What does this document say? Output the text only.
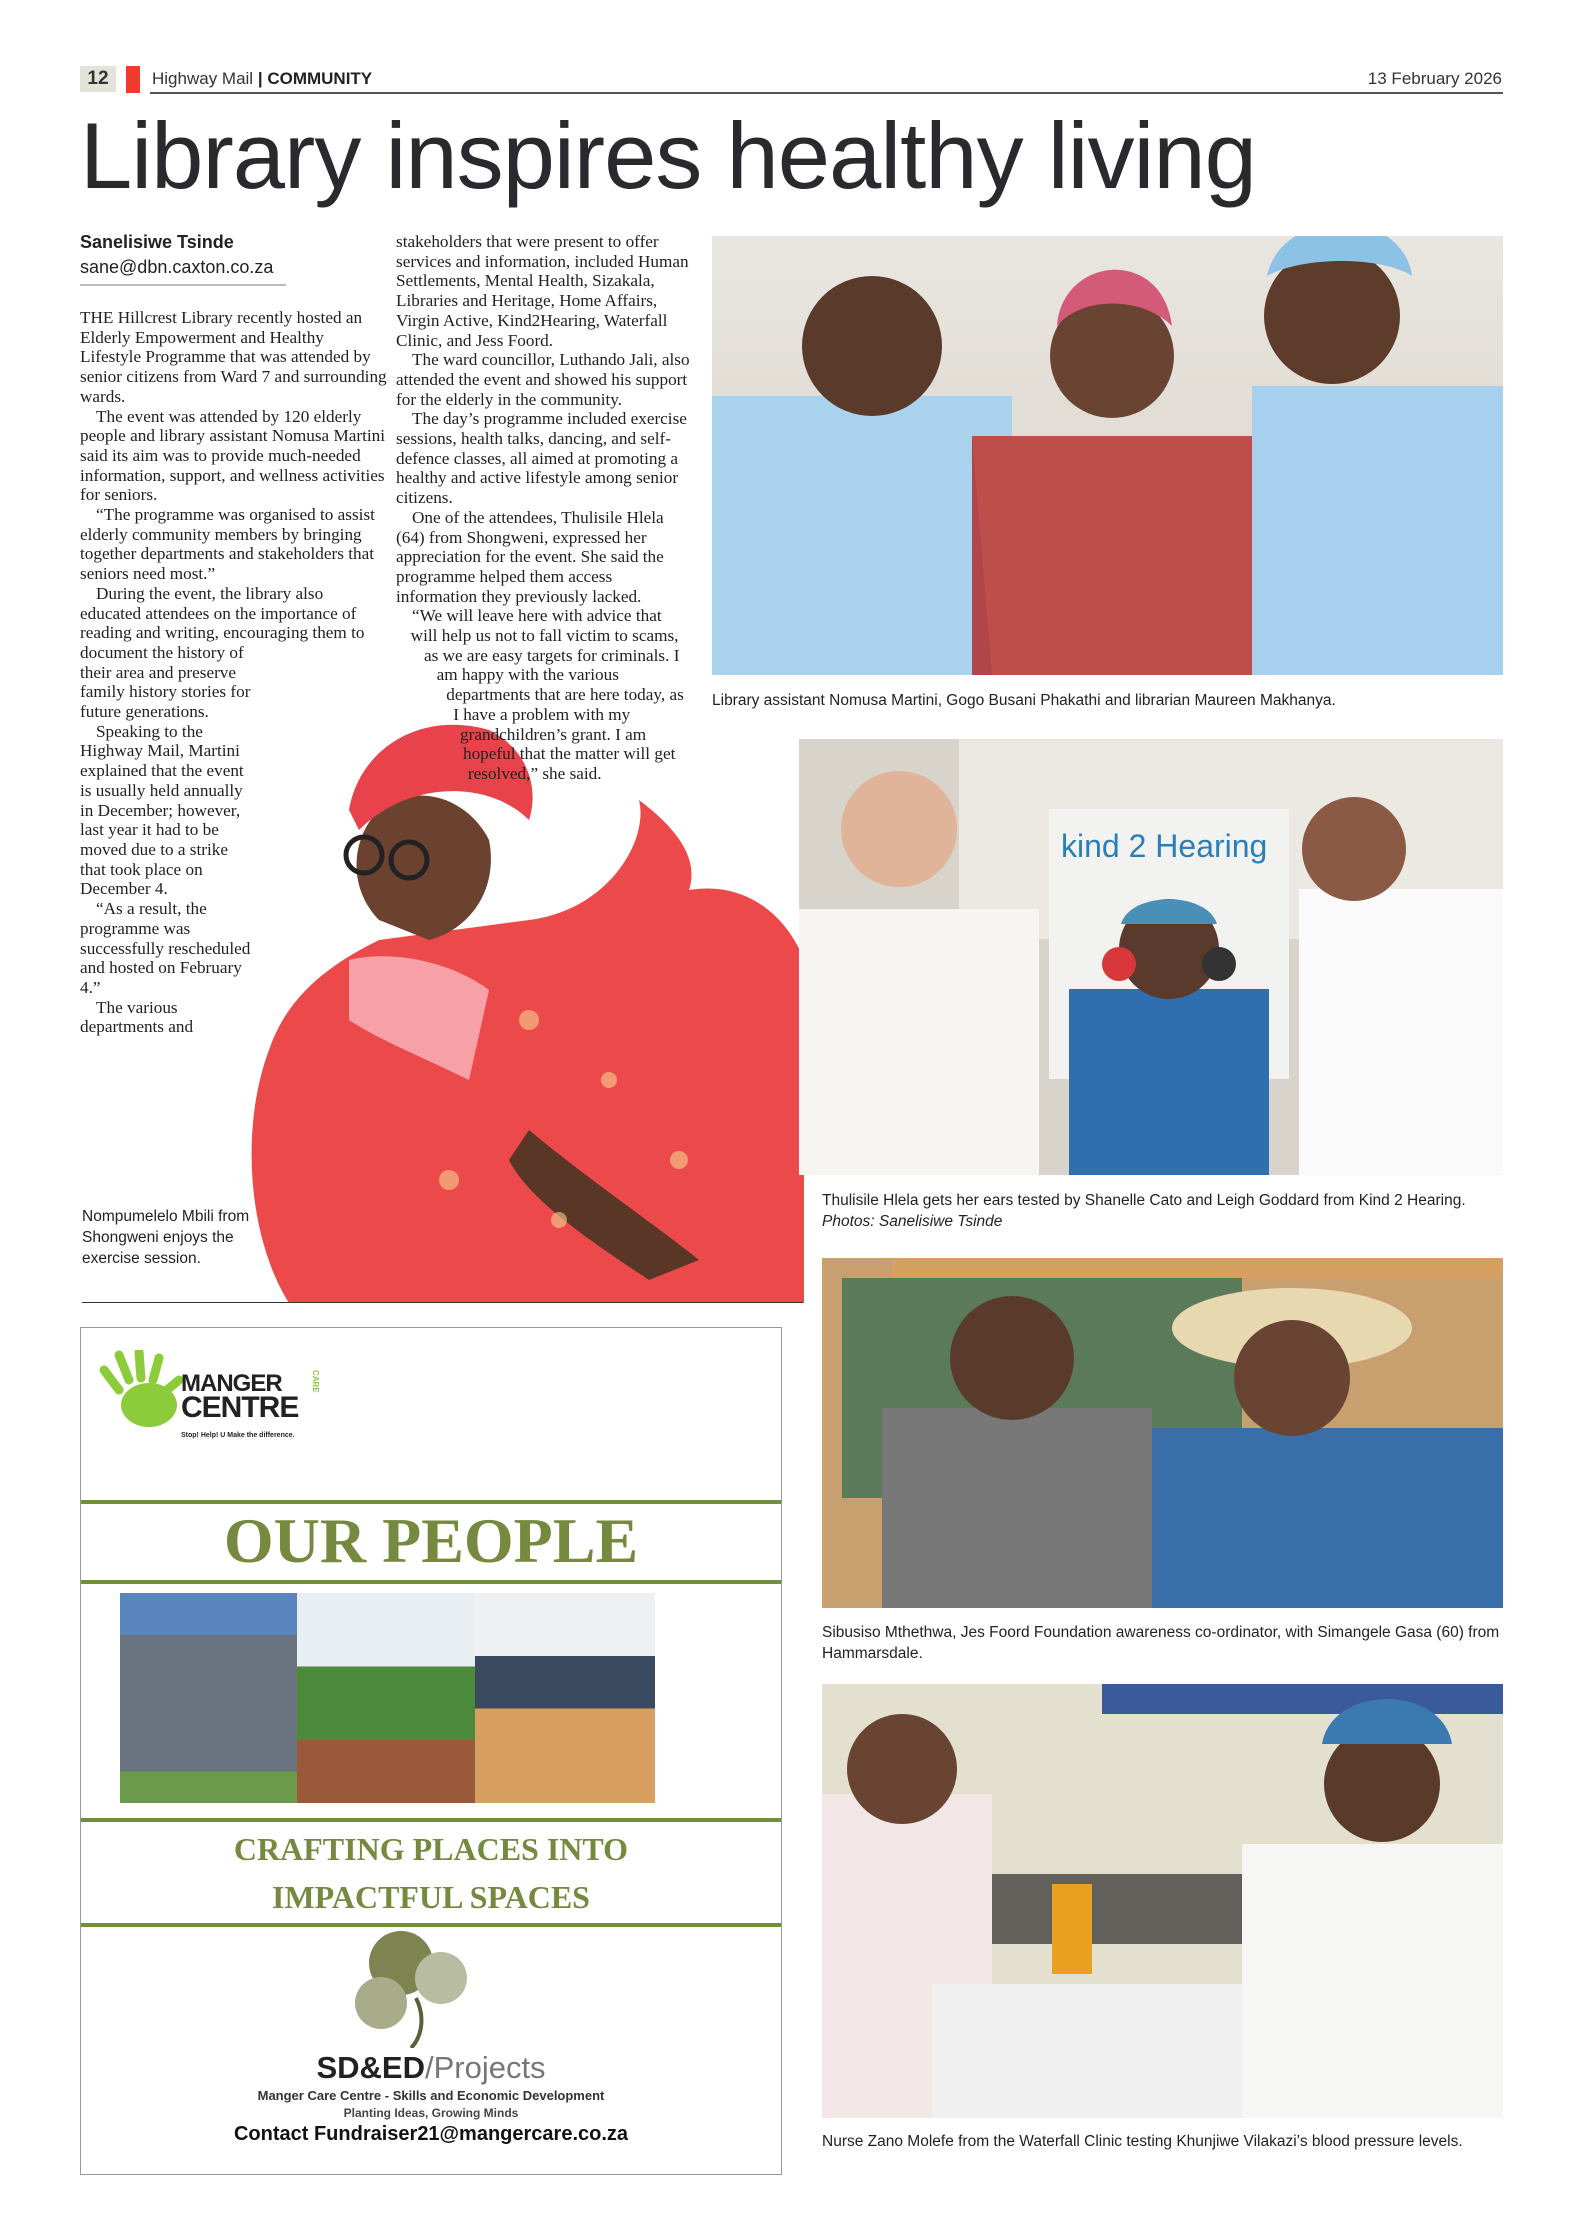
12	Highway Mail | COMMUNITY	13 February 2026
Library inspires healthy living
Sanelisiwe Tsinde
sane@dbn.caxton.co.za

THE Hillcrest Library recently hosted an Elderly Empowerment and Healthy Lifestyle Programme that was attended by senior citizens from Ward 7 and surrounding wards.

The event was attended by 120 elderly people and library assistant Nomusa Martini said its aim was to provide much-needed information, support, and wellness activities for seniors.

“The programme was organised to assist elderly community members by bringing together departments and stakeholders that seniors need most.”

During the event, the library also educated attendees on the importance of reading and writing, encouraging them to document the history of their area and preserve family history stories for future generations.

Speaking to the Highway Mail, Martini explained that the event is usually held annually in December; however, last year it had to be moved due to a strike that took place on December 4.

“As a result, the programme was successfully rescheduled and hosted on February 4.”

The various departments and

stakeholders that were present to offer services and information, included Human Settlements, Mental Health, Sizakala, Libraries and Heritage, Home Affairs, Virgin Active, Kind2Hearing, Waterfall Clinic, and Jess Foord.

The ward councillor, Luthando Jali, also attended the event and showed his support for the elderly in the community.

The day’s programme included exercise sessions, health talks, dancing, and self-defence classes, all aimed at promoting a healthy and active lifestyle among senior citizens.

One of the attendees, Thulisile Hlela (64) from Shongweni, expressed her appreciation for the event. She said the programme helped them access information they previously lacked.

“We will leave here with advice that will help us not to fall victim to scams, as we are easy targets for criminals. I am happy with the various departments that are here today, as I have a problem with my grandchildren’s grant. I am hopeful that the matter will get resolved,” she said.

Nompumelelo Mbili from Shongweni enjoys the exercise session.
Library assistant Nomusa Martini, Gogo Busani Phakathi and librarian Maureen Makhanya.
kind 2 Hearing
Thulisile Hlela gets her ears tested by Shanelle Cato and Leigh Goddard from Kind 2 Hearing. Photos: Sanelisiwe Tsinde
Sibusiso Mthethwa, Jes Foord Foundation awareness co-ordinator, with Simangele Gasa (60) from Hammarsdale.
Nurse Zano Molefe from the Waterfall Clinic testing Khunjiwe Vilakazi’s blood pressure levels.
MANGER
CENTRE
CARE
Stop! Help! U Make the difference.
OUR PEOPLE
CRAFTING PLACES INTO
IMPACTFUL SPACES
SD&ED/Projects
Manger Care Centre - Skills and Economic Development
Planting Ideas, Growing Minds
Contact Fundraiser21@mangercare.co.za
